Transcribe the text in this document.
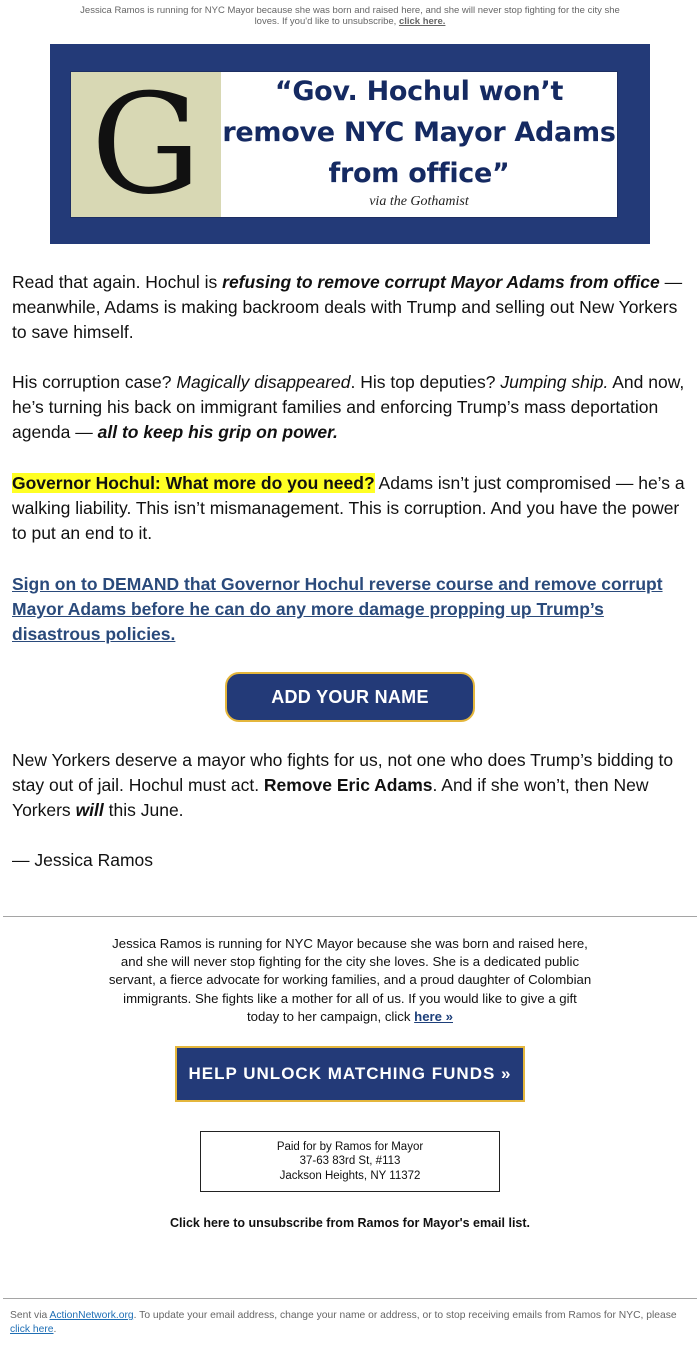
Jessica Ramos is running for NYC Mayor because she was born and raised here, and she will never stop fighting for the city she loves. If you'd like to unsubscribe, click here.
G	“Gov. Hochul won’t remove NYC Mayor Adams from office”
via the Gothamist

Read that again. Hochul is refusing to remove corrupt Mayor Adams from office — meanwhile, Adams is making backroom deals with Trump and selling out New Yorkers to save himself.

His corruption case? Magically disappeared. His top deputies? Jumping ship. And now, he’s turning his back on immigrant families and enforcing Trump’s mass deportation agenda — all to keep his grip on power.

Governor Hochul: What more do you need? Adams isn’t just compromised — he’s a walking liability. This isn’t mismanagement. This is corruption. And you have the power to put an end to it.

Sign on to DEMAND that Governor Hochul reverse course and remove corrupt Mayor Adams before he can do any more damage propping up Trump’s disastrous policies.

ADD YOUR NAME

New Yorkers deserve a mayor who fights for us, not one who does Trump’s bidding to stay out of jail. Hochul must act. Remove Eric Adams. And if she won’t, then New Yorkers will this June.

— Jessica Ramos
Jessica Ramos is running for NYC Mayor because she was born and raised here, and she will never stop fighting for the city she loves. She is a dedicated public servant, a fierce advocate for working families, and a proud daughter of Colombian immigrants. She fights like a mother for all of us. If you would like to give a gift today to her campaign, click here »
HELP UNLOCK MATCHING FUNDS »
Paid for by Ramos for Mayor
37-63 83rd St, #113
Jackson Heights, NY 11372
Click here to unsubscribe from Ramos for Mayor's email list.
Sent via ActionNetwork.org. To update your email address, change your name or address, or to stop receiving emails from Ramos for NYC, please click here.
